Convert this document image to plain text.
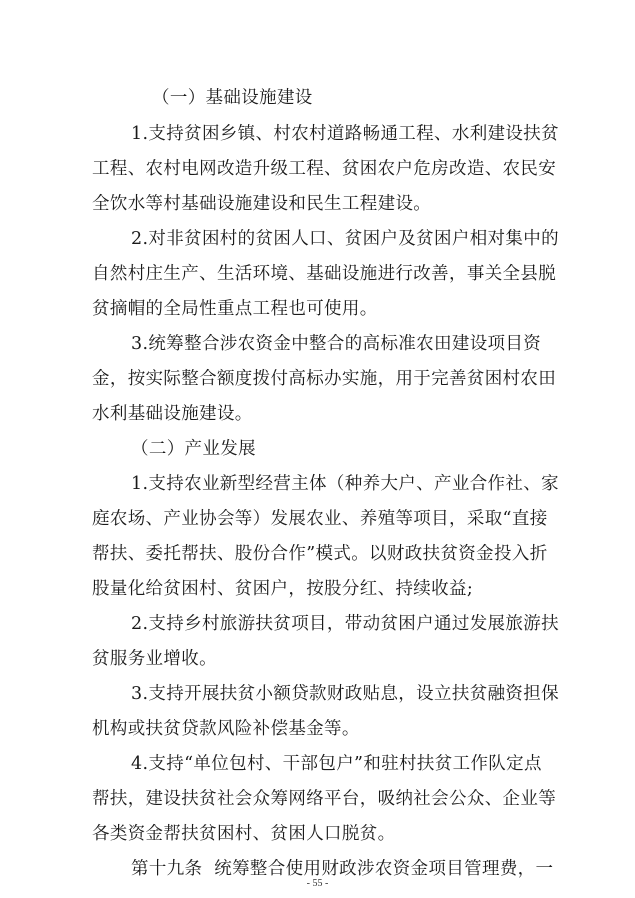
（一）基础设施建设
1.支持贫困乡镇、村农村道路畅通工程、水利建设扶贫
工程、农村电网改造升级工程、贫困农户危房改造、农民安
全饮水等村基础设施建设和民生工程建设。
2.对非贫困村的贫困人口、贫困户及贫困户相对集中的
自然村庄生产、生活环境、基础设施进行改善，事关全县脱
贫摘帽的全局性重点工程也可使用。
3.统筹整合涉农资金中整合的高标准农田建设项目资
金，按实际整合额度拨付高标办实施，用于完善贫困村农田
水利基础设施建设。
（二）产业发展
1.支持农业新型经营主体（种养大户、产业合作社、家
庭农场、产业协会等）发展农业、养殖等项目，采取“直接
帮扶、委托帮扶、股份合作”模式。以财政扶贫资金投入折
股量化给贫困村、贫困户，按股分红、持续收益;
2.支持乡村旅游扶贫项目，带动贫困户通过发展旅游扶
贫服务业增收。
3.支持开展扶贫小额贷款财政贴息，设立扶贫融资担保
机构或扶贫贷款风险补偿基金等。
4.支持“单位包村、干部包户”和驻村扶贫工作队定点
帮扶，建设扶贫社会众筹网络平台，吸纳社会公众、企业等
各类资金帮扶贫困村、贫困人口脱贫。
第十九条  统筹整合使用财政涉农资金项目管理费，一
- 55 -
